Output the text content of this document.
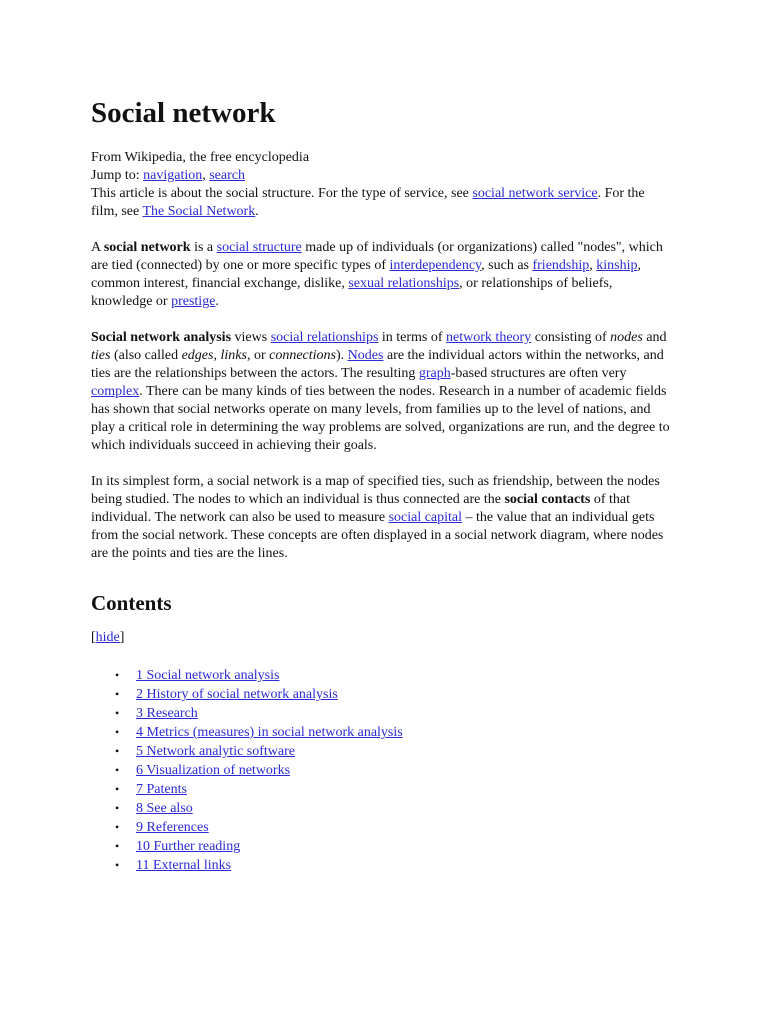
Social network

From Wikipedia, the free encyclopedia

Jump to: navigation, search

This article is about the social structure. For the type of service, see social network service. For the film, see The Social Network.

A social network is a social structure made up of individuals (or organizations) called "nodes", which are tied (connected) by one or more specific types of interdependency, such as friendship, kinship, common interest, financial exchange, dislike, sexual relationships, or relationships of beliefs, knowledge or prestige.

Social network analysis views social relationships in terms of network theory consisting of nodes and ties (also called edges, links, or connections). Nodes are the individual actors within the networks, and ties are the relationships between the actors. The resulting graph-based structures are often very complex. There can be many kinds of ties between the nodes. Research in a number of academic fields has shown that social networks operate on many levels, from families up to the level of nations, and play a critical role in determining the way problems are solved, organizations are run, and the degree to which individuals succeed in achieving their goals.

In its simplest form, a social network is a map of specified ties, such as friendship, between the nodes being studied. The nodes to which an individual is thus connected are the social contacts of that individual. The network can also be used to measure social capital – the value that an individual gets from the social network. These concepts are often displayed in a social network diagram, where nodes are the points and ties are the lines.

Contents

[hide]

• 1 Social network analysis
• 2 History of social network analysis
• 3 Research
• 4 Metrics (measures) in social network analysis
• 5 Network analytic software
• 6 Visualization of networks
• 7 Patents
• 8 See also
• 9 References
• 10 Further reading
• 11 External links
